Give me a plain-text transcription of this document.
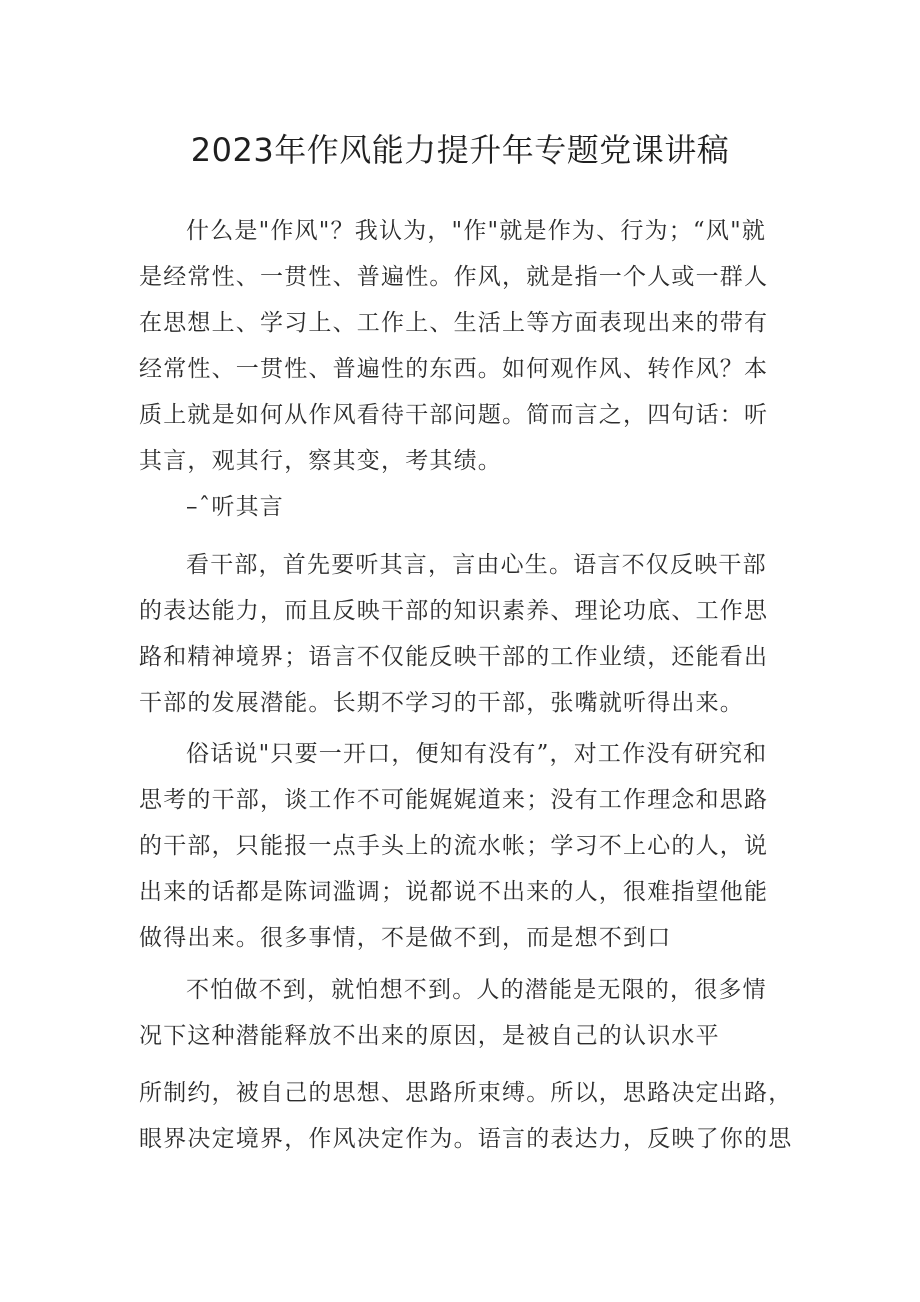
2023年作风能力提升年专题党课讲稿
什么是"作风"？我认为，"作"就是作为、行为；“风"就
是经常性、一贯性、普遍性。作风，就是指一个人或一群人
在思想上、学习上、工作上、生活上等方面表现出来的带有
经常性、一贯性、普遍性的东西。如何观作风、转作风？本
质上就是如何从作风看待干部问题。简而言之，四句话：听
其言，观其行，察其变，考其绩。
–ˆ听其言
看干部，首先要听其言，言由心生。语言不仅反映干部
的表达能力，而且反映干部的知识素养、理论功底、工作思
路和精神境界；语言不仅能反映干部的工作业绩，还能看出
干部的发展潜能。长期不学习的干部，张嘴就听得出来。
俗话说"只要一开口，便知有没有”，对工作没有研究和
思考的干部，谈工作不可能娓娓道来；没有工作理念和思路
的干部，只能报一点手头上的流水帐；学习不上心的人，说
出来的话都是陈词滥调；说都说不出来的人，很难指望他能
做得出来。很多事情，不是做不到，而是想不到口
不怕做不到，就怕想不到。人的潜能是无限的，很多情
况下这种潜能释放不出来的原因，是被自己的认识水平
所制约，被自己的思想、思路所束缚。所以，思路决定出路，
眼界决定境界，作风决定作为。语言的表达力，反映了你的思
